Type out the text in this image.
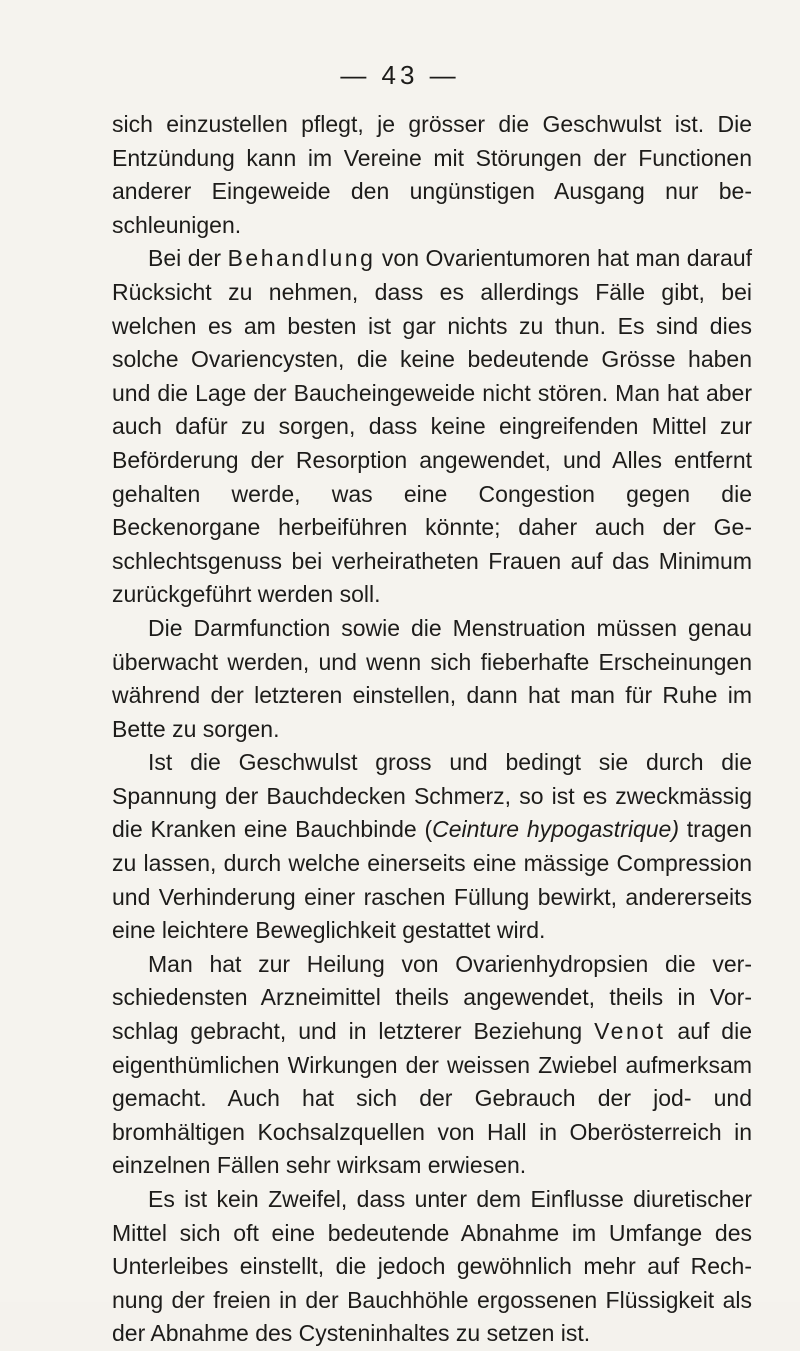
— 43 —

sich einzustellen pflegt, je grösser die Geschwulst ist. Die Entzündung kann im Vereine mit Störungen der Functionen anderer Eingeweide den ungünstigen Ausgang nur beschleunigen.

Bei der Behandlung von Ovarientumoren hat man darauf Rücksicht zu nehmen, dass es allerdings Fälle gibt, bei welchen es am besten ist gar nichts zu thun. Es sind dies solche Ovariencysten, die keine bedeutende Grösse haben und die Lage der Baucheingeweide nicht stören. Man hat aber auch dafür zu sorgen, dass keine eingreifenden Mittel zur Beförderung der Resorption angewendet, und Alles entfernt gehalten werde, was eine Congestion gegen die Beckenorgane herbeiführen könnte; daher auch der Geschlechtsgenuss bei verheiratheten Frauen auf das Minimum zurückgeführt werden soll.

Die Darmfunction sowie die Menstruation müssen genau überwacht werden, und wenn sich fieberhafte Erscheinungen während der letzteren einstellen, dann hat man für Ruhe im Bette zu sorgen.

Ist die Geschwulst gross und bedingt sie durch die Spannung der Bauchdecken Schmerz, so ist es zweckmässig die Kranken eine Bauchbinde (Ceinture hypogastrique) tragen zu lassen, durch welche einerseits eine mässige Compression und Verhinderung einer raschen Füllung bewirkt, andererseits eine leichtere Beweglichkeit gestattet wird.

Man hat zur Heilung von Ovarienhydropsien die verschiedensten Arzneimittel theils angewendet, theils in Vorschlag gebracht, und in letzterer Beziehung Venot auf die eigenthümlichen Wirkungen der weissen Zwiebel aufmerksam gemacht. Auch hat sich der Gebrauch der jod- und bromhältigen Kochsalzquellen von Hall in Oberösterreich in einzelnen Fällen sehr wirksam erwiesen.

Es ist kein Zweifel, dass unter dem Einflusse diuretischer Mittel sich oft eine bedeutende Abnahme im Umfange des Unterleibes einstellt, die jedoch gewöhnlich mehr auf Rechnung der freien in der Bauchhöhle ergossenen Flüssigkeit als der Abnahme des Cysteninhaltes zu setzen ist.
